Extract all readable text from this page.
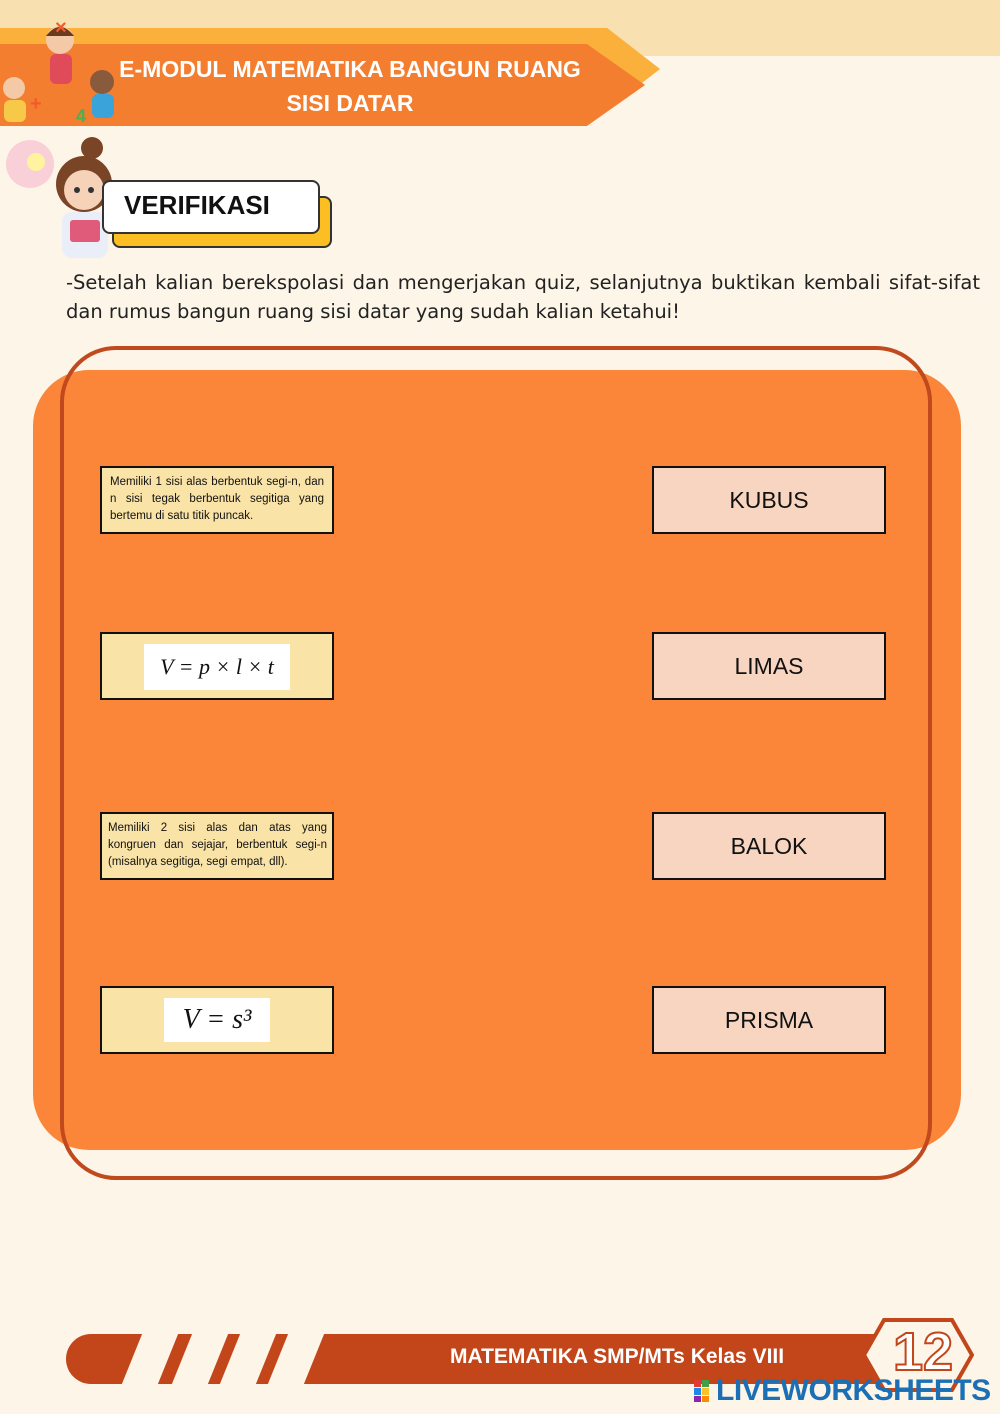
+
4
×
E-MODUL MATEMATIKA BANGUN RUANG SISI DATAR
VERIFIKASI
-Setelah kalian berekspolasi dan mengerjakan quiz, selanjutnya buktikan kembali sifat-sifat dan rumus bangun ruang sisi datar yang sudah kalian ketahui!
Memiliki 1 sisi alas berbentuk segi-n, dan n sisi tegak berbentuk segitiga yang bertemu di satu titik puncak.
V = p × l × t
Memiliki 2 sisi alas dan atas yang kongruen dan sejajar, berbentuk segi-n (misalnya segitiga, segi empat, dll).
V = s³
KUBUS
LIMAS
BALOK
PRISMA
MATEMATIKA SMP/MTs Kelas VIII 12
LIVEWORKSHEETS
